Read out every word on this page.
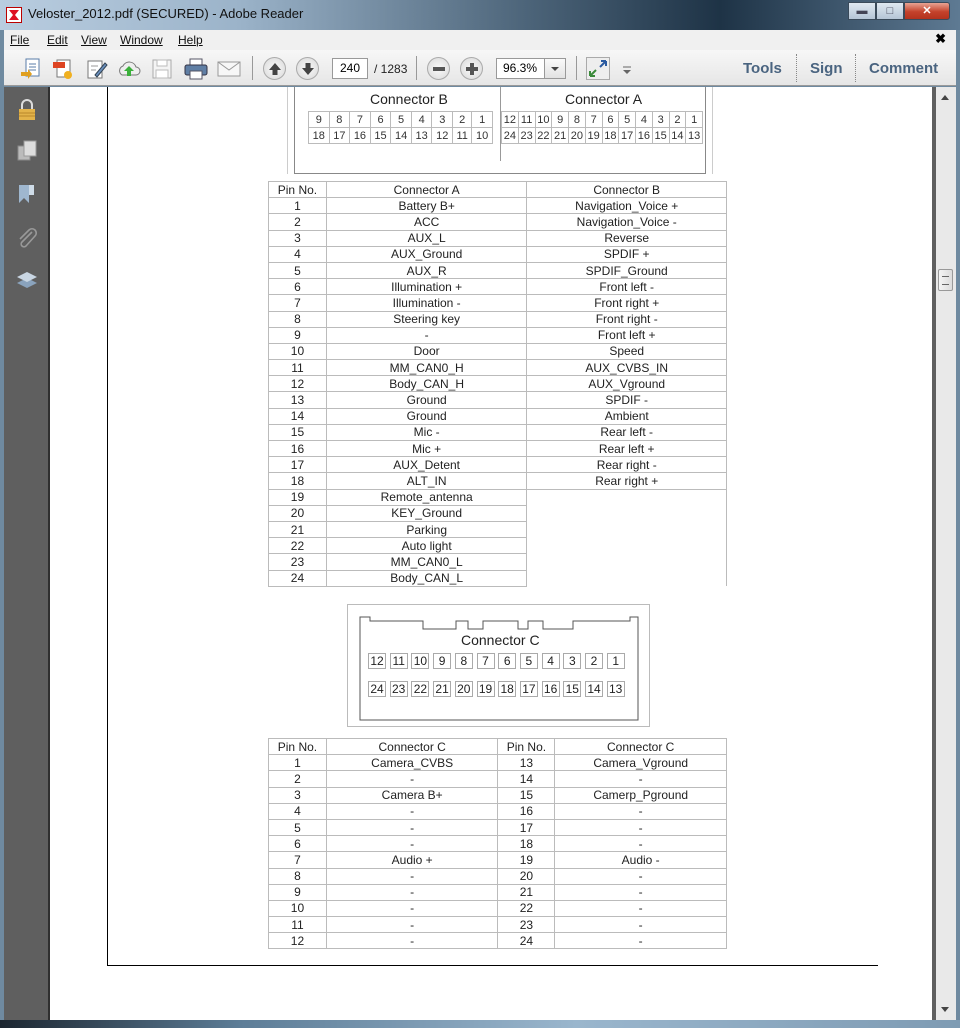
Veloster_2012.pdf (SECURED) - Adobe Reader	▬	□	✕
File Edit View Window Help	✖
240	/ 1283	96.3%	Tools Sign Comment
Connector B	Connector A
9	8	7	6	5	4	3	2	1
18	17	16	15	14	13	12	11	10
12	11	10	9	8	7	6	5	4	3	2	1
24	23	22	21	20	19	18	17	16	15	14	13
Pin No.	Connector A	Connector B
1	Battery B+	Navigation_Voice +
2	ACC	Navigation_Voice -
3	AUX_L	Reverse
4	AUX_Ground	SPDIF +
5	AUX_R	SPDIF_Ground
6	Illumination +	Front left -
7	Illumination -	Front right +
8	Steering key	Front right -
9	-	Front left +
10	Door	Speed
11	MM_CAN0_H	AUX_CVBS_IN
12	Body_CAN_H	AUX_Vground
13	Ground	SPDIF -
14	Ground	Ambient
15	Mic -	Rear left -
16	Mic +	Rear left +
17	AUX_Detent	Rear right -
18	ALT_IN	Rear right +
19	Remote_antenna	
20	KEY_Ground	
21	Parking	
22	Auto light	
23	MM_CAN0_L	
24	Body_CAN_L	
Connector C
12 11 10 9	8	7	6	5	4	3	2	1
24 23 22 21 20 19 18 17 16 15 14 13
Pin No.	Connector C	Pin No.	Connector C
1	Camera_CVBS	13	Camera_Vground
2	-	14	-
3	Camera B+	15	Camerp_Pground
4	-	16	-
5	-	17	-
6	-	18	-
7	Audio +	19	Audio -
8	-	20	-
9	-	21	-
10	-	22	-
11	-	23	-
12	-	24	-
